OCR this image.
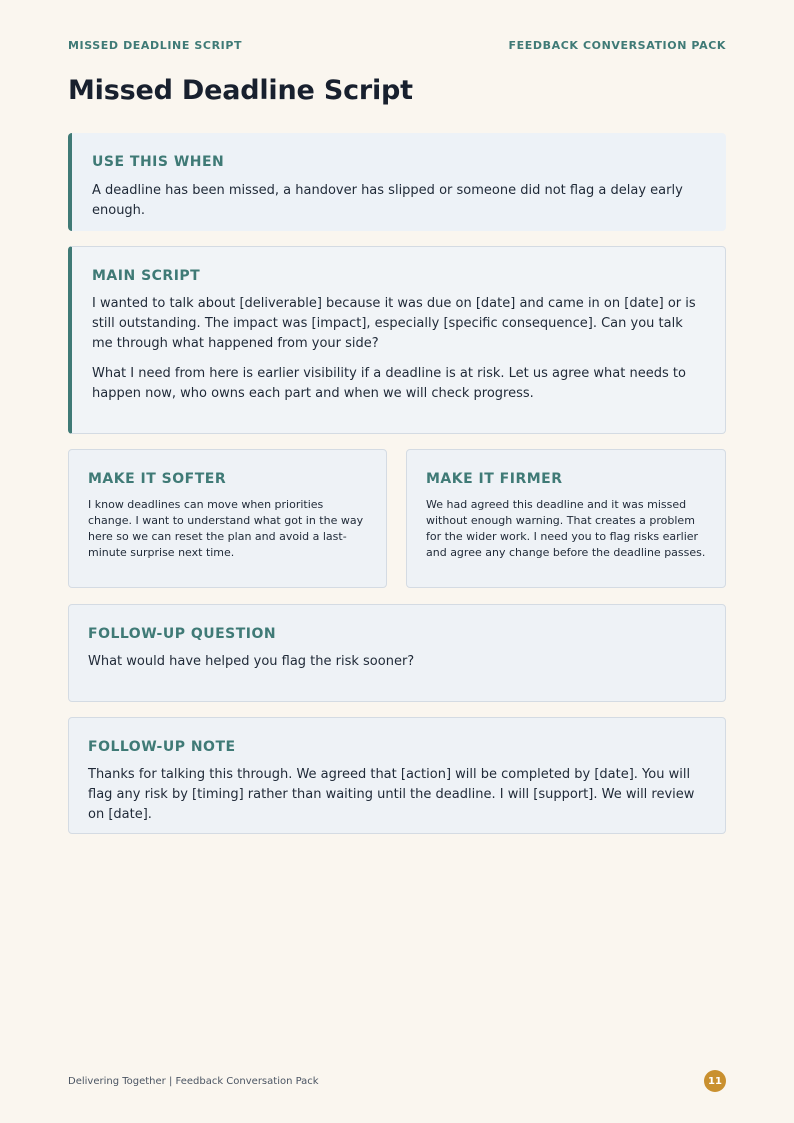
MISSED DEADLINE SCRIPT	FEEDBACK CONVERSATION PACK
Missed Deadline Script
USE THIS WHEN

A deadline has been missed, a handover has slipped or someone did not flag a delay early enough.

MAIN SCRIPT

I wanted to talk about [deliverable] because it was due on [date] and came in on [date] or is still outstanding. The impact was [impact], especially [specific consequence]. Can you talk me through what happened from your side?

What I need from here is earlier visibility if a deadline is at risk. Let us agree what needs to happen now, who owns each part and when we will check progress.

MAKE IT SOFTER

I know deadlines can move when priorities change. I want to understand what got in the way here so we can reset the plan and avoid a last-minute surprise next time.

MAKE IT FIRMER

We had agreed this deadline and it was missed without enough warning. That creates a problem for the wider work. I need you to flag risks earlier and agree any change before the deadline passes.

FOLLOW-UP QUESTION

What would have helped you flag the risk sooner?

FOLLOW-UP NOTE

Thanks for talking this through. We agreed that [action] will be completed by [date]. You will flag any risk by [timing] rather than waiting until the deadline. I will [support]. We will review on [date].

Delivering Together | Feedback Conversation Pack	11
